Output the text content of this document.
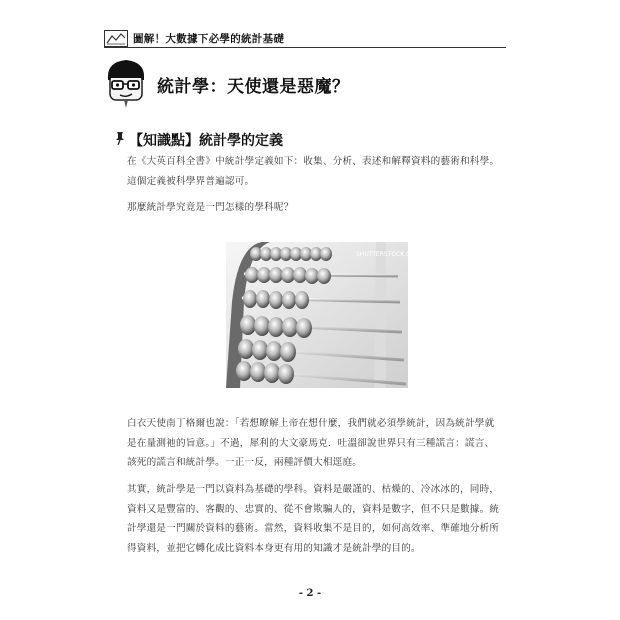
圖解！大數據下必學的統計基礎
統計學：天使還是惡魔？
【知識點】統計學的定義
在《大英百科全書》中統計學定義如下：收集、分析、表述和解釋資料的藝術和科學。
這個定義被科學界普遍認可。
那麼統計學究竟是一門怎樣的學科呢？
SHUTTERSTOCK.COM
白衣天使南丁格爾也說：「若想瞭解上帝在想什麼，我們就必須學統計，因為統計學就
是在量測祂的旨意。」不過，犀利的大文豪馬克．吐溫卻說世界只有三種謊言：謊言、
該死的謊言和統計學。一正一反，兩種評價大相逕庭。
其實，統計學是一門以資料為基礎的學科。資料是嚴謹的、枯燥的、冷冰冰的，同時，
資料又是豐富的、客觀的、忠實的、從不會欺騙人的，資料是數字，但不只是數據。統
計學還是一門關於資料的藝術。當然，資料收集不是目的，如何高效率、準確地分析所
得資料，並把它轉化成比資料本身更有用的知識才是統計學的目的。
- 2 -
